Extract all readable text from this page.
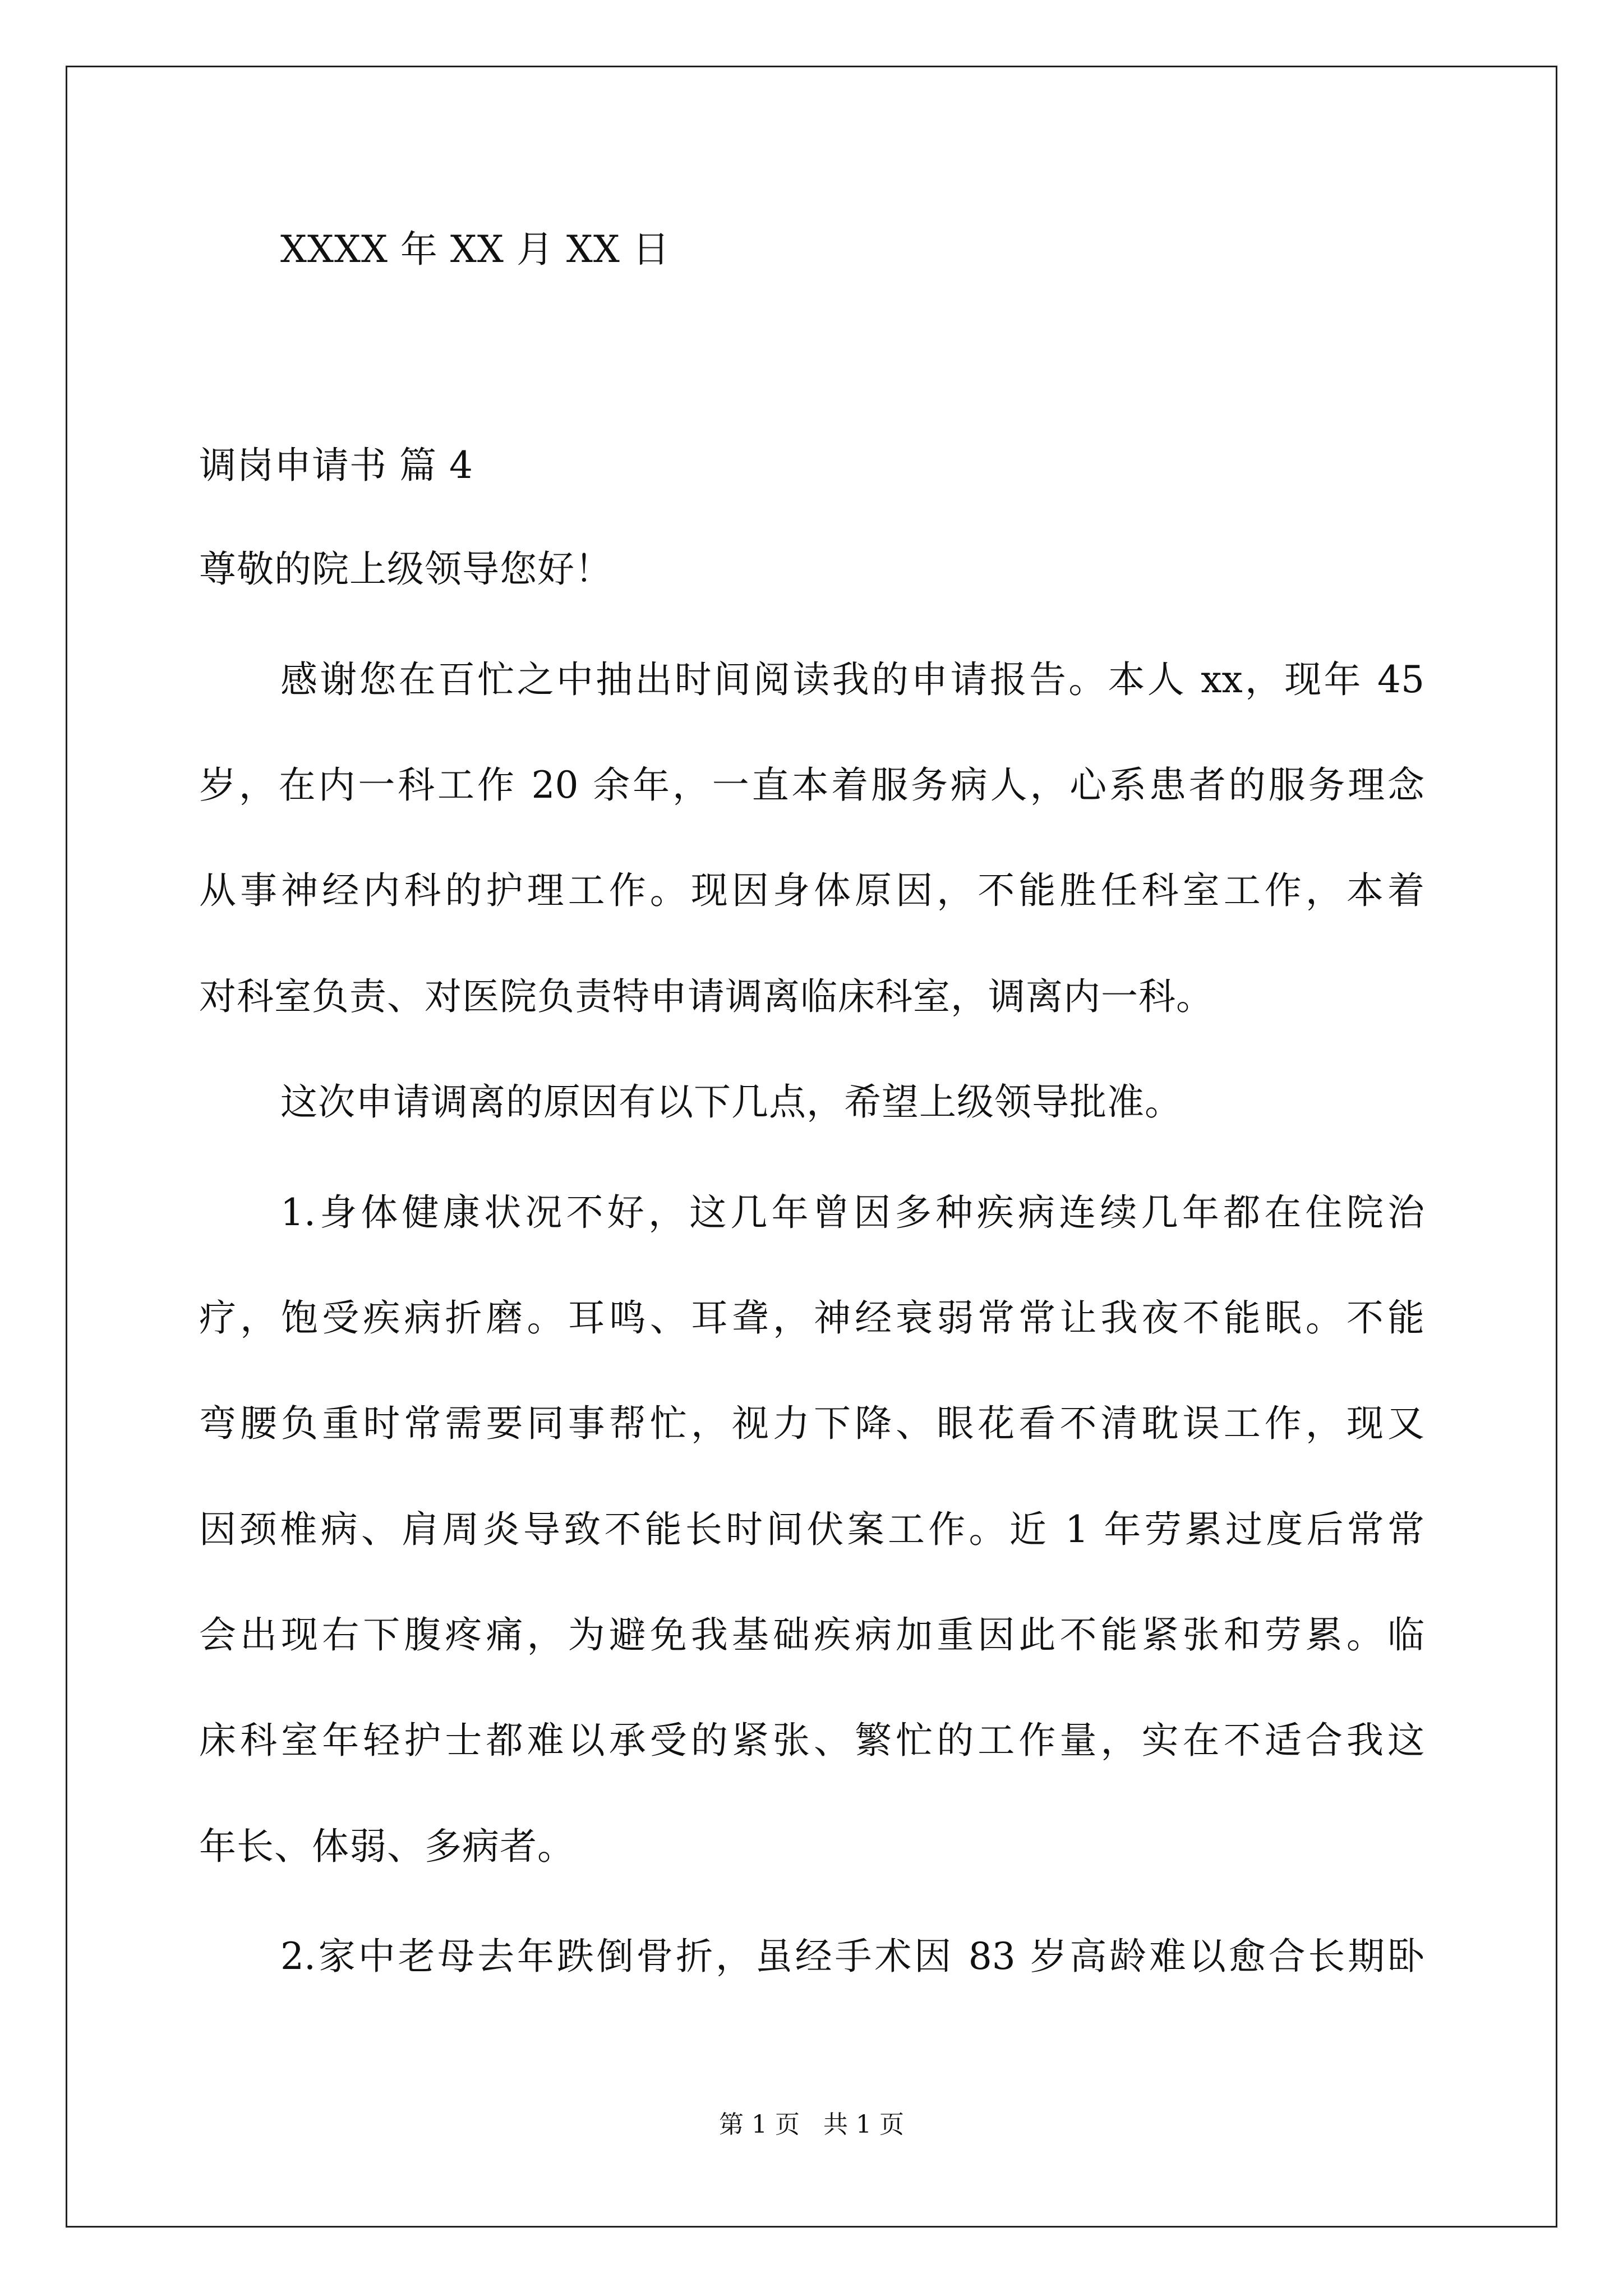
XXXX 年 XX 月 XX 日
调岗申请书 篇 4
尊敬的院上级领导您好！
感谢您在百忙之中抽出时间阅读我的申请报告。本人 xx，现年 45
岁，在内一科工作 20 余年，一直本着服务病人，心系患者的服务理念
从事神经内科的护理工作。现因身体原因，不能胜任科室工作，本着
对科室负责、对医院负责特申请调离临床科室，调离内一科。
这次申请调离的原因有以下几点，希望上级领导批准。
1.身体健康状况不好，这几年曾因多种疾病连续几年都在住院治
疗，饱受疾病折磨。耳鸣、耳聋，神经衰弱常常让我夜不能眠。不能
弯腰负重时常需要同事帮忙，视力下降、眼花看不清耽误工作，现又
因颈椎病、肩周炎导致不能长时间伏案工作。近 1 年劳累过度后常常
会出现右下腹疼痛，为避免我基础疾病加重因此不能紧张和劳累。临
床科室年轻护士都难以承受的紧张、繁忙的工作量，实在不适合我这
年长、体弱、多病者。
2.家中老母去年跌倒骨折，虽经手术因 83 岁高龄难以愈合长期卧
第 1 页   共 1 页
